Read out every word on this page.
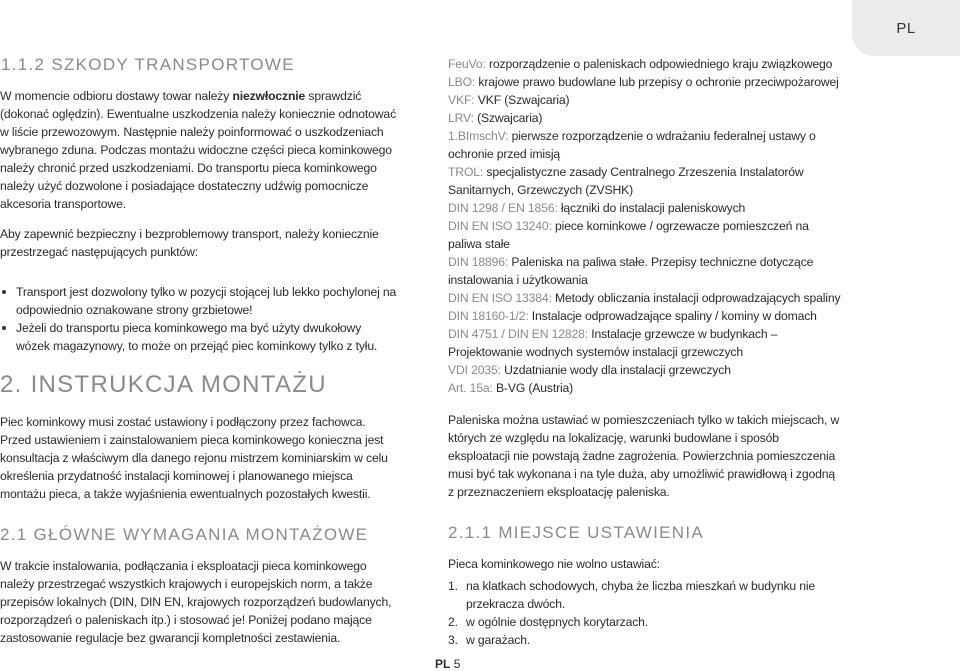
PL
1.1.2 SZKODY TRANSPORTOWE

W momencie odbioru dostawy towar należy niezwłocznie sprawdzić (dokonać oględzin). Ewentualne uszkodzenia należy koniecznie odnotować w liście przewozowym. Następnie należy poinformować o uszkodzeniach wybranego zduna. Podczas montażu widoczne części pieca kominkowego należy chronić przed uszkodzeniami. Do transportu pieca kominkowego należy użyć dozwolone i posiadające dostateczny udźwig pomocnicze akcesoria transportowe.

Aby zapewnić bezpieczny i bezproblemowy transport, należy koniecznie przestrzegać następujących punktów:

Transport jest dozwolony tylko w pozycji stojącej lub lekko pochylonej na odpowiednio oznakowane strony grzbietowe!
Jeżeli do transportu pieca kominkowego ma być użyty dwukołowy wózek magazynowy, to może on przejąć piec kominkowy tylko z tyłu.
2. INSTRUKCJA MONTAŻU

Piec kominkowy musi zostać ustawiony i podłączony przez fachowca. Przed ustawieniem i zainstalowaniem pieca kominkowego konieczna jest konsultacja z właściwym dla danego rejonu mistrzem kominiarskim w celu określenia przydatność instalacji kominowej i planowanego miejsca montażu pieca, a także wyjaśnienia ewentualnych pozostałych kwestii.

2.1 GŁÓWNE WYMAGANIA MONTAŻOWE

W trakcie instalowania, podłączania i eksploatacji pieca kominkowego należy przestrzegać wszystkich krajowych i europejskich norm, a także przepisów lokalnych (DIN, DIN EN, krajowych rozporządzeń budowlanych, rozporządzeń o paleniskach itp.) i stosować je! Poniżej podano mające zastosowanie regulacje bez gwarancji kompletności zestawienia.

FeuVo: rozporządzenie o paleniskach odpowiedniego kraju związkowego
LBO: krajowe prawo budowlane lub przepisy o ochronie przeciwpożarowej
VKF: VKF (Szwajcaria)
LRV: (Szwajcaria)
1.BImschV: pierwsze rozporządzenie o wdrażaniu federalnej ustawy o ochronie przed imisją
TROL: specjalistyczne zasady Centralnego Zrzeszenia Instalatorów Sanitarnych, Grzewczych (ZVSHK)
DIN 1298 / EN 1856: łączniki do instalacji paleniskowych
DIN EN ISO 13240: piece kominkowe / ogrzewacze pomieszczeń na paliwa stałe
DIN 18896: Paleniska na paliwa stałe. Przepisy techniczne dotyczące instalowania i użytkowania
DIN EN ISO 13384: Metody obliczania instalacji odprowadzających spaliny
DIN 18160-1/2: Instalacje odprowadzające spaliny / kominy w domach
DIN 4751 / DIN EN 12828: Instalacje grzewcze w budynkach – Projektowanie wodnych systemów instalacji grzewczych
VDI 2035: Uzdatnianie wody dla instalacji grzewczych
Art. 15a: B-VG (Austria)

Paleniska można ustawiać w pomieszczeniach tylko w takich miejscach, w których ze względu na lokalizację, warunki budowlane i sposób eksploatacji nie powstają żadne zagrożenia. Powierzchnia pomieszczenia musi być tak wykonana i na tyle duża, aby umożliwić prawidłową i zgodną z przeznaczeniem eksploatację paleniska.

2.1.1 MIEJSCE USTAWIENIA

Pieca kominkowego nie wolno ustawiać:

1. na klatkach schodowych, chyba że liczba mieszkań w budynku nie przekracza dwóch.
2. w ogólnie dostępnych korytarzach.
3. w garażach.
PL 5
